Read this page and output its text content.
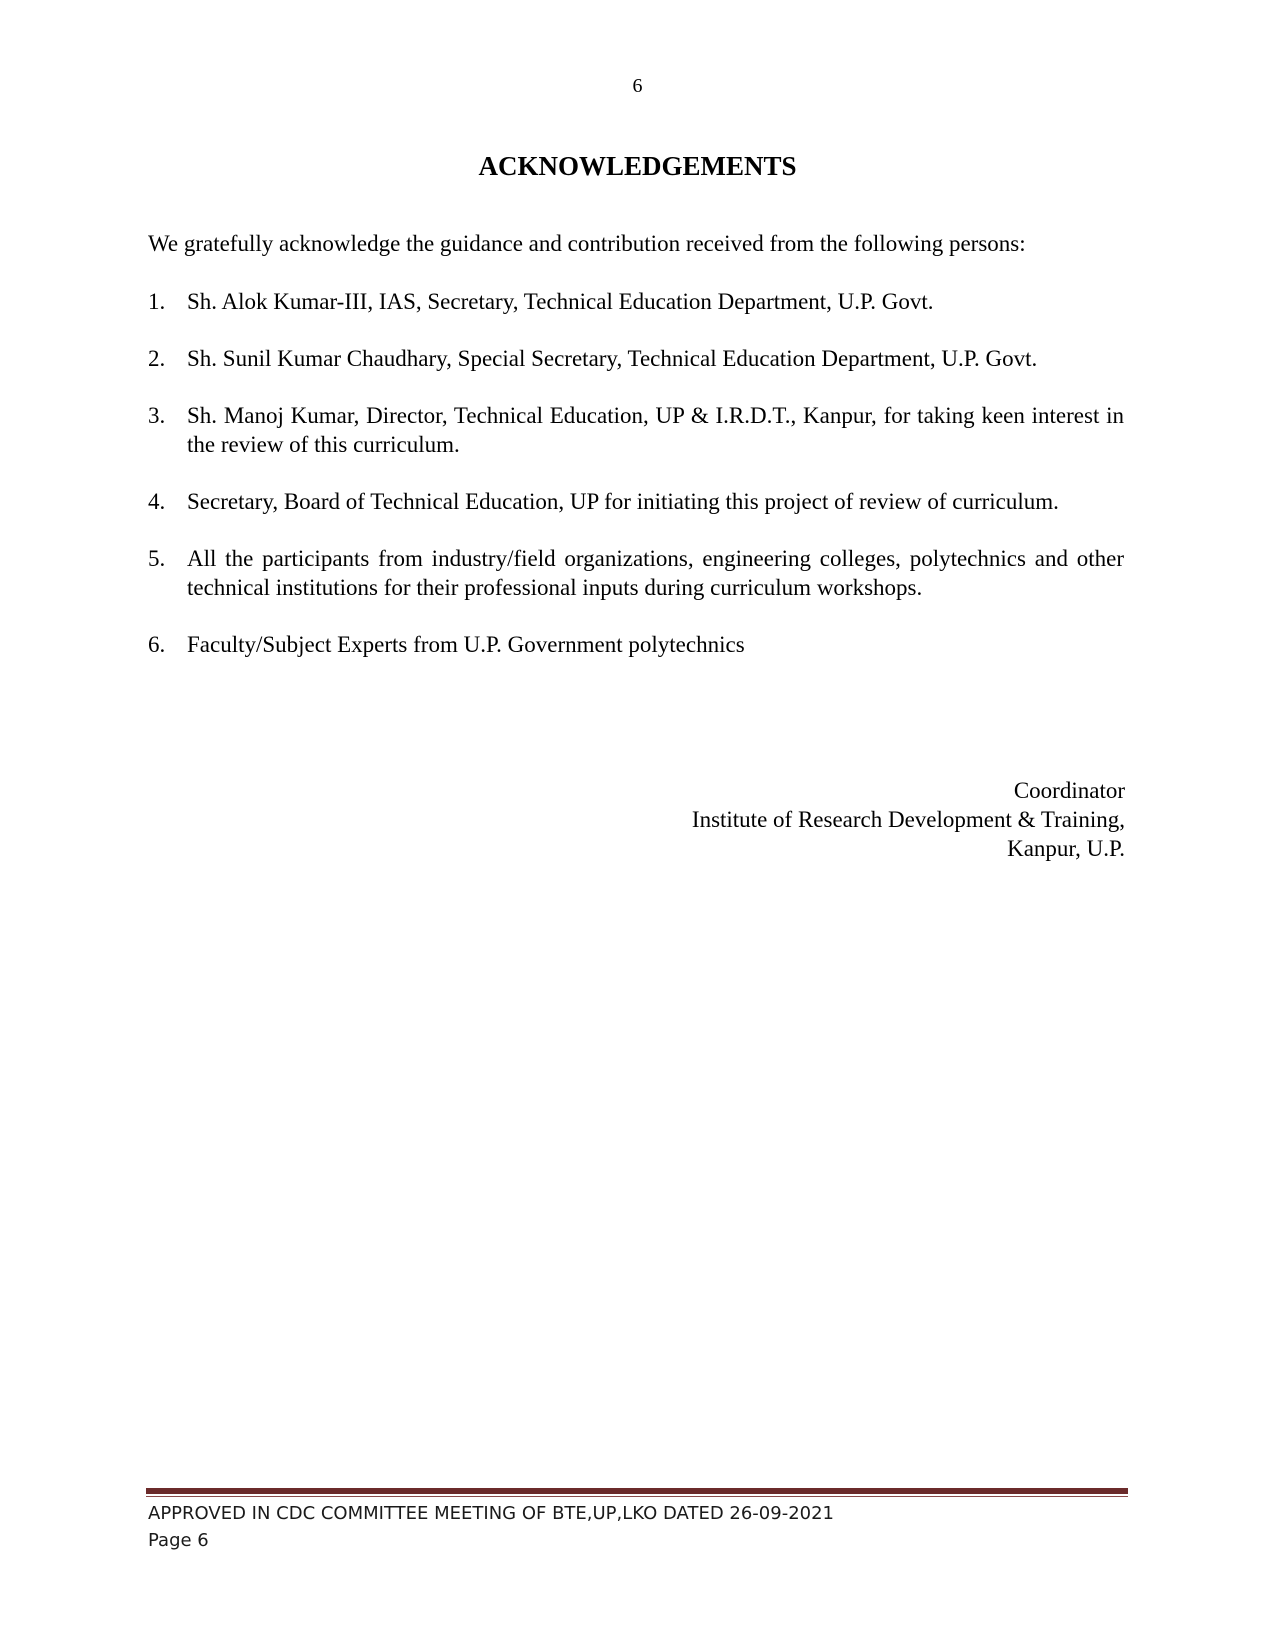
6
ACKNOWLEDGEMENTS

We gratefully acknowledge the guidance and contribution received from the following persons:

1. Sh. Alok Kumar-III, IAS, Secretary, Technical Education Department, U.P. Govt.
2. Sh. Sunil Kumar Chaudhary, Special Secretary, Technical Education Department, U.P. Govt.
3. Sh. Manoj Kumar, Director, Technical Education, UP & I.R.D.T., Kanpur, for taking keen interest in the review of this curriculum.
4. Secretary, Board of Technical Education, UP for initiating this project of review of curriculum.
5. All the participants from industry/field organizations, engineering colleges, polytechnics and other technical institutions for their professional inputs during curriculum workshops.
6. Faculty/Subject Experts from U.P. Government polytechnics
Coordinator
Institute of Research Development & Training,
Kanpur, U.P.
APPROVED IN CDC COMMITTEE MEETING OF BTE,UP,LKO DATED 26-09-2021
Page 6
